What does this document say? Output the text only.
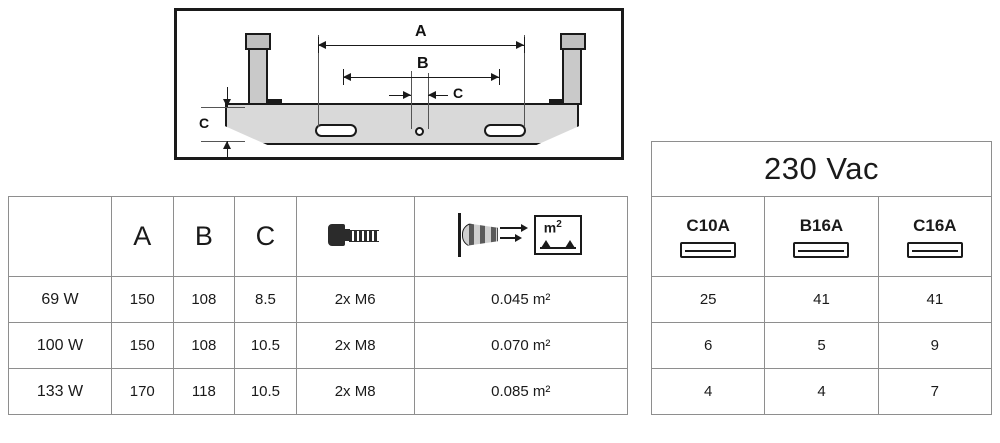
A
B
C
C
	A	B	C		$m^2$

69 W	150	108	8.5	2x M6	0.045 m²
100 W	150	108	10.5	2x M8	0.070 m²
133 W	170	118	10.5	2x M8	0.085 m²
230 Vac		

C10A	B16A	C16A

25	41	41
6	5	9
4	4	7
